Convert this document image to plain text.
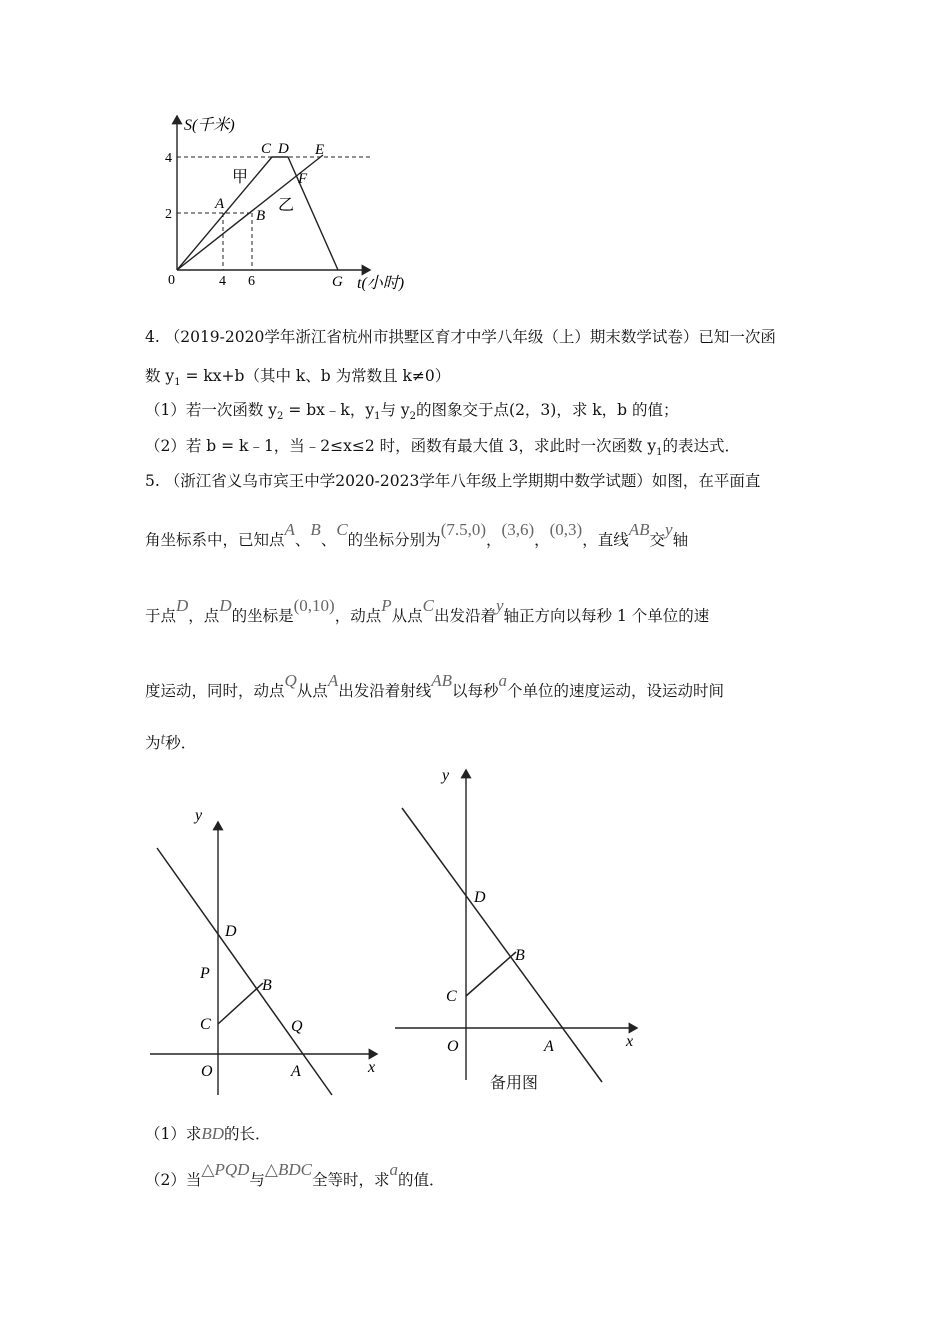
S(千米)
t(小时)
4
2
0	4 6
C D E
F
A
B
G
甲
乙
4. （2019-2020学年浙江省杭州市拱墅区育才中学八年级（上）期末数学试卷）已知一次函
数 $y_1 = kx+b$（其中 k、b 为常数且 k≠0）
（1）若一次函数 $y_2$ = bx﹣k，$y_1$与 $y_2$的图象交于点(2，3)，求 k，b 的值；
（2）若 b = k﹣1，当﹣2≤x≤2 时，函数有最大值 3，求此时一次函数 $y_1$的表达式．
5. （浙江省义乌市宾王中学2020-2023学年八年级上学期期中数学试题）如图，在平面直
角坐标系中，已知点A、B、C的坐标分别为(7.5,0)，(3,6)，(0,3)，直线AB交y轴
于点D，点D的坐标是(0,10)，动点P从点C出发沿着y轴正方向以每秒 1 个单位的速
度运动，同时，动点Q从点A出发沿着射线AB以每秒a个单位的速度运动，设运动时间
为t秒．
y
x
O
D
P
B
C	Q
A
y
x
O
D
B
C
A
备用图
（1）求BD的长．
（2）当△PQD与△BDC全等时，求a的值．
